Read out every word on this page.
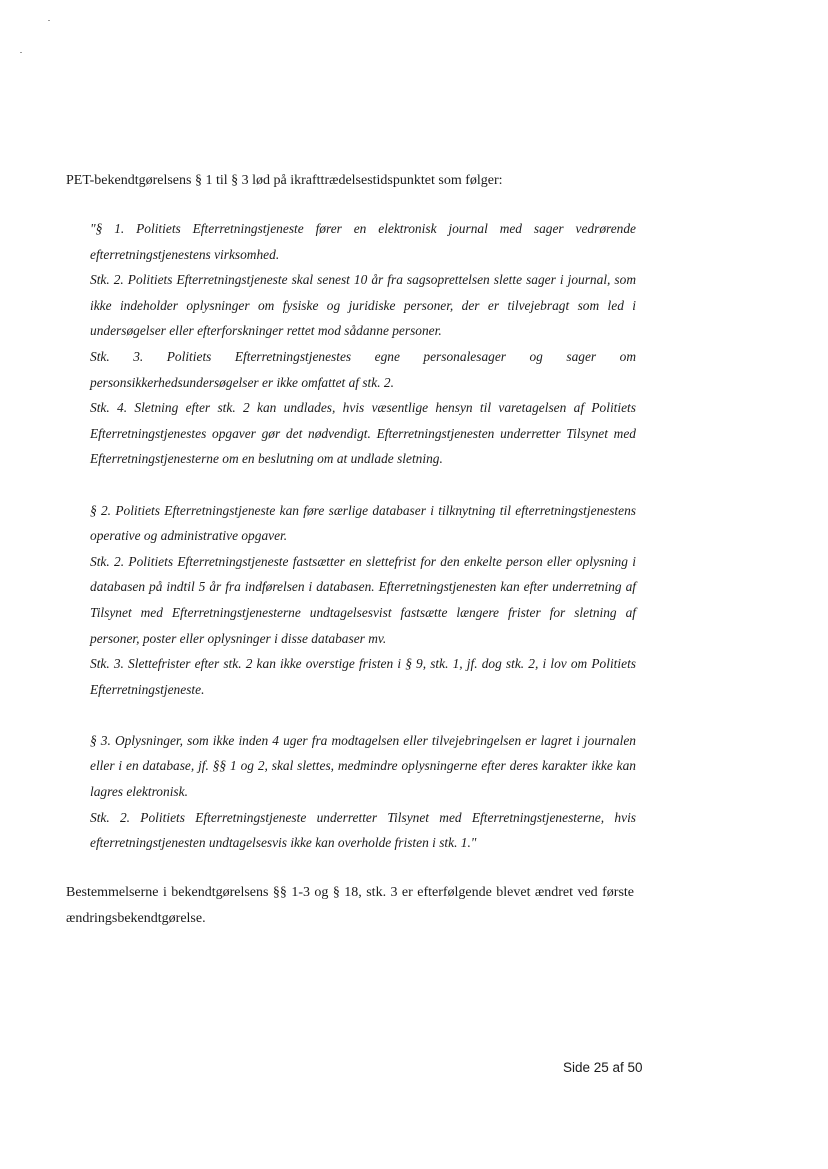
PET-bekendtgørelsens § 1 til § 3 lød på ikrafttrædelsestidspunktet som følger:

"§ 1. Politiets Efterretningstjeneste fører en elektronisk journal med sager vedrørende efterretningstjenestens virksomhed.

Stk. 2. Politiets Efterretningstjeneste skal senest 10 år fra sagsoprettelsen slette sager i journal, som ikke indeholder oplysninger om fysiske og juridiske personer, der er tilvejebragt som led i undersøgelser eller efterforskninger rettet mod sådanne personer.

Stk. 3. Politiets Efterretningstjenestes egne personalesager og sager om personsikkerhedsundersøgelser er ikke omfattet af stk. 2.

Stk. 4. Sletning efter stk. 2 kan undlades, hvis væsentlige hensyn til varetagelsen af Politiets Efterretningstjenestes opgaver gør det nødvendigt. Efterretningstjenesten underretter Tilsynet med Efterretningstjenesterne om en beslutning om at undlade sletning.

§ 2. Politiets Efterretningstjeneste kan føre særlige databaser i tilknytning til efterretningstjenestens operative og administrative opgaver.

Stk. 2. Politiets Efterretningstjeneste fastsætter en slettefrist for den enkelte person eller oplysning i databasen på indtil 5 år fra indførelsen i databasen. Efterretningstjenesten kan efter underretning af Tilsynet med Efterretningstjenesterne undtagelsesvist fastsætte længere frister for sletning af personer, poster eller oplysninger i disse databaser mv.

Stk. 3. Slettefrister efter stk. 2 kan ikke overstige fristen i § 9, stk. 1, jf. dog stk. 2, i lov om Politiets Efterretningstjeneste.

§ 3. Oplysninger, som ikke inden 4 uger fra modtagelsen eller tilvejebringelsen er lagret i journalen eller i en database, jf. §§ 1 og 2, skal slettes, medmindre oplysningerne efter deres karakter ikke kan lagres elektronisk.

Stk. 2. Politiets Efterretningstjeneste underretter Tilsynet med Efterretningstjenesterne, hvis efterretningstjenesten undtagelsesvis ikke kan overholde fristen i stk. 1."

Bestemmelserne i bekendtgørelsens §§ 1-3 og § 18, stk. 3 er efterfølgende blevet ændret ved første ændringsbekendtgørelse.
Side 25 af 50
